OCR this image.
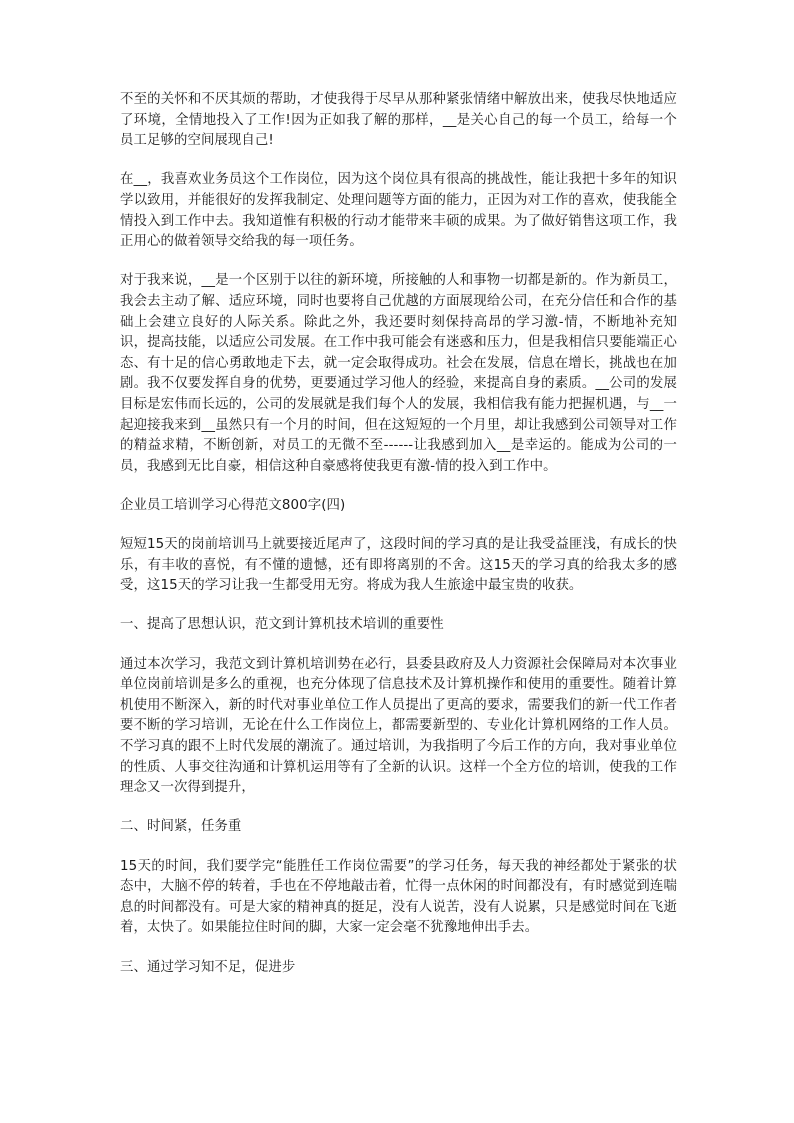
不至的关怀和不厌其烦的帮助，才使我得于尽早从那种紧张情绪中解放出来，使我尽快地适应了环境，全情地投入了工作!因为正如我了解的那样，__是关心自己的每一个员工，给每一个员工足够的空间展现自己!

在__，我喜欢业务员这个工作岗位，因为这个岗位具有很高的挑战性，能让我把十多年的知识学以致用，并能很好的发挥我制定、处理问题等方面的能力，正因为对工作的喜欢，使我能全情投入到工作中去。我知道惟有积极的行动才能带来丰硕的成果。为了做好销售这项工作，我正用心的做着领导交给我的每一项任务。

对于我来说，__是一个区别于以往的新环境，所接触的人和事物一切都是新的。作为新员工，我会去主动了解、适应环境，同时也要将自己优越的方面展现给公司，在充分信任和合作的基础上会建立良好的人际关系。除此之外，我还要时刻保持高昂的学习激-情，不断地补充知识，提高技能，以适应公司发展。在工作中我可能会有迷惑和压力，但是我相信只要能端正心态、有十足的信心勇敢地走下去，就一定会取得成功。社会在发展，信息在增长，挑战也在加剧。我不仅要发挥自身的优势，更要通过学习他人的经验，来提高自身的素质。__公司的发展目标是宏伟而长远的，公司的发展就是我们每个人的发展，我相信我有能力把握机遇，与__一起迎接我来到__虽然只有一个月的时间，但在这短短的一个月里，却让我感到公司领导对工作的精益求精，不断创新，对员工的无微不至------让我感到加入__是幸运的。能成为公司的一员，我感到无比自豪，相信这种自豪感将使我更有激-情的投入到工作中。

企业员工培训学习心得范文800字(四)

短短15天的岗前培训马上就要接近尾声了，这段时间的学习真的是让我受益匪浅，有成长的快乐，有丰收的喜悦，有不懂的遗憾，还有即将离别的不舍。这15天的学习真的给我太多的感受，这15天的学习让我一生都受用无穷。将成为我人生旅途中最宝贵的收获。

一、提高了思想认识，范文到计算机技术培训的重要性

通过本次学习，我范文到计算机培训势在必行，县委县政府及人力资源社会保障局对本次事业单位岗前培训是多么的重视，也充分体现了信息技术及计算机操作和使用的重要性。随着计算机使用不断深入，新的时代对事业单位工作人员提出了更高的要求，需要我们的新一代工作者要不断的学习培训，无论在什么工作岗位上，都需要新型的、专业化计算机网络的工作人员。不学习真的跟不上时代发展的潮流了。通过培训，为我指明了今后工作的方向，我对事业单位的性质、人事交往沟通和计算机运用等有了全新的认识。这样一个全方位的培训，使我的工作理念又一次得到提升，

二、时间紧，任务重

15天的时间，我们要学完“能胜任工作岗位需要”的学习任务，每天我的神经都处于紧张的状态中，大脑不停的转着，手也在不停地敲击着，忙得一点休闲的时间都没有，有时感觉到连喘息的时间都没有。可是大家的精神真的挺足，没有人说苦，没有人说累，只是感觉时间在飞逝着，太快了。如果能拉住时间的脚，大家一定会毫不犹豫地伸出手去。

三、通过学习知不足，促进步
